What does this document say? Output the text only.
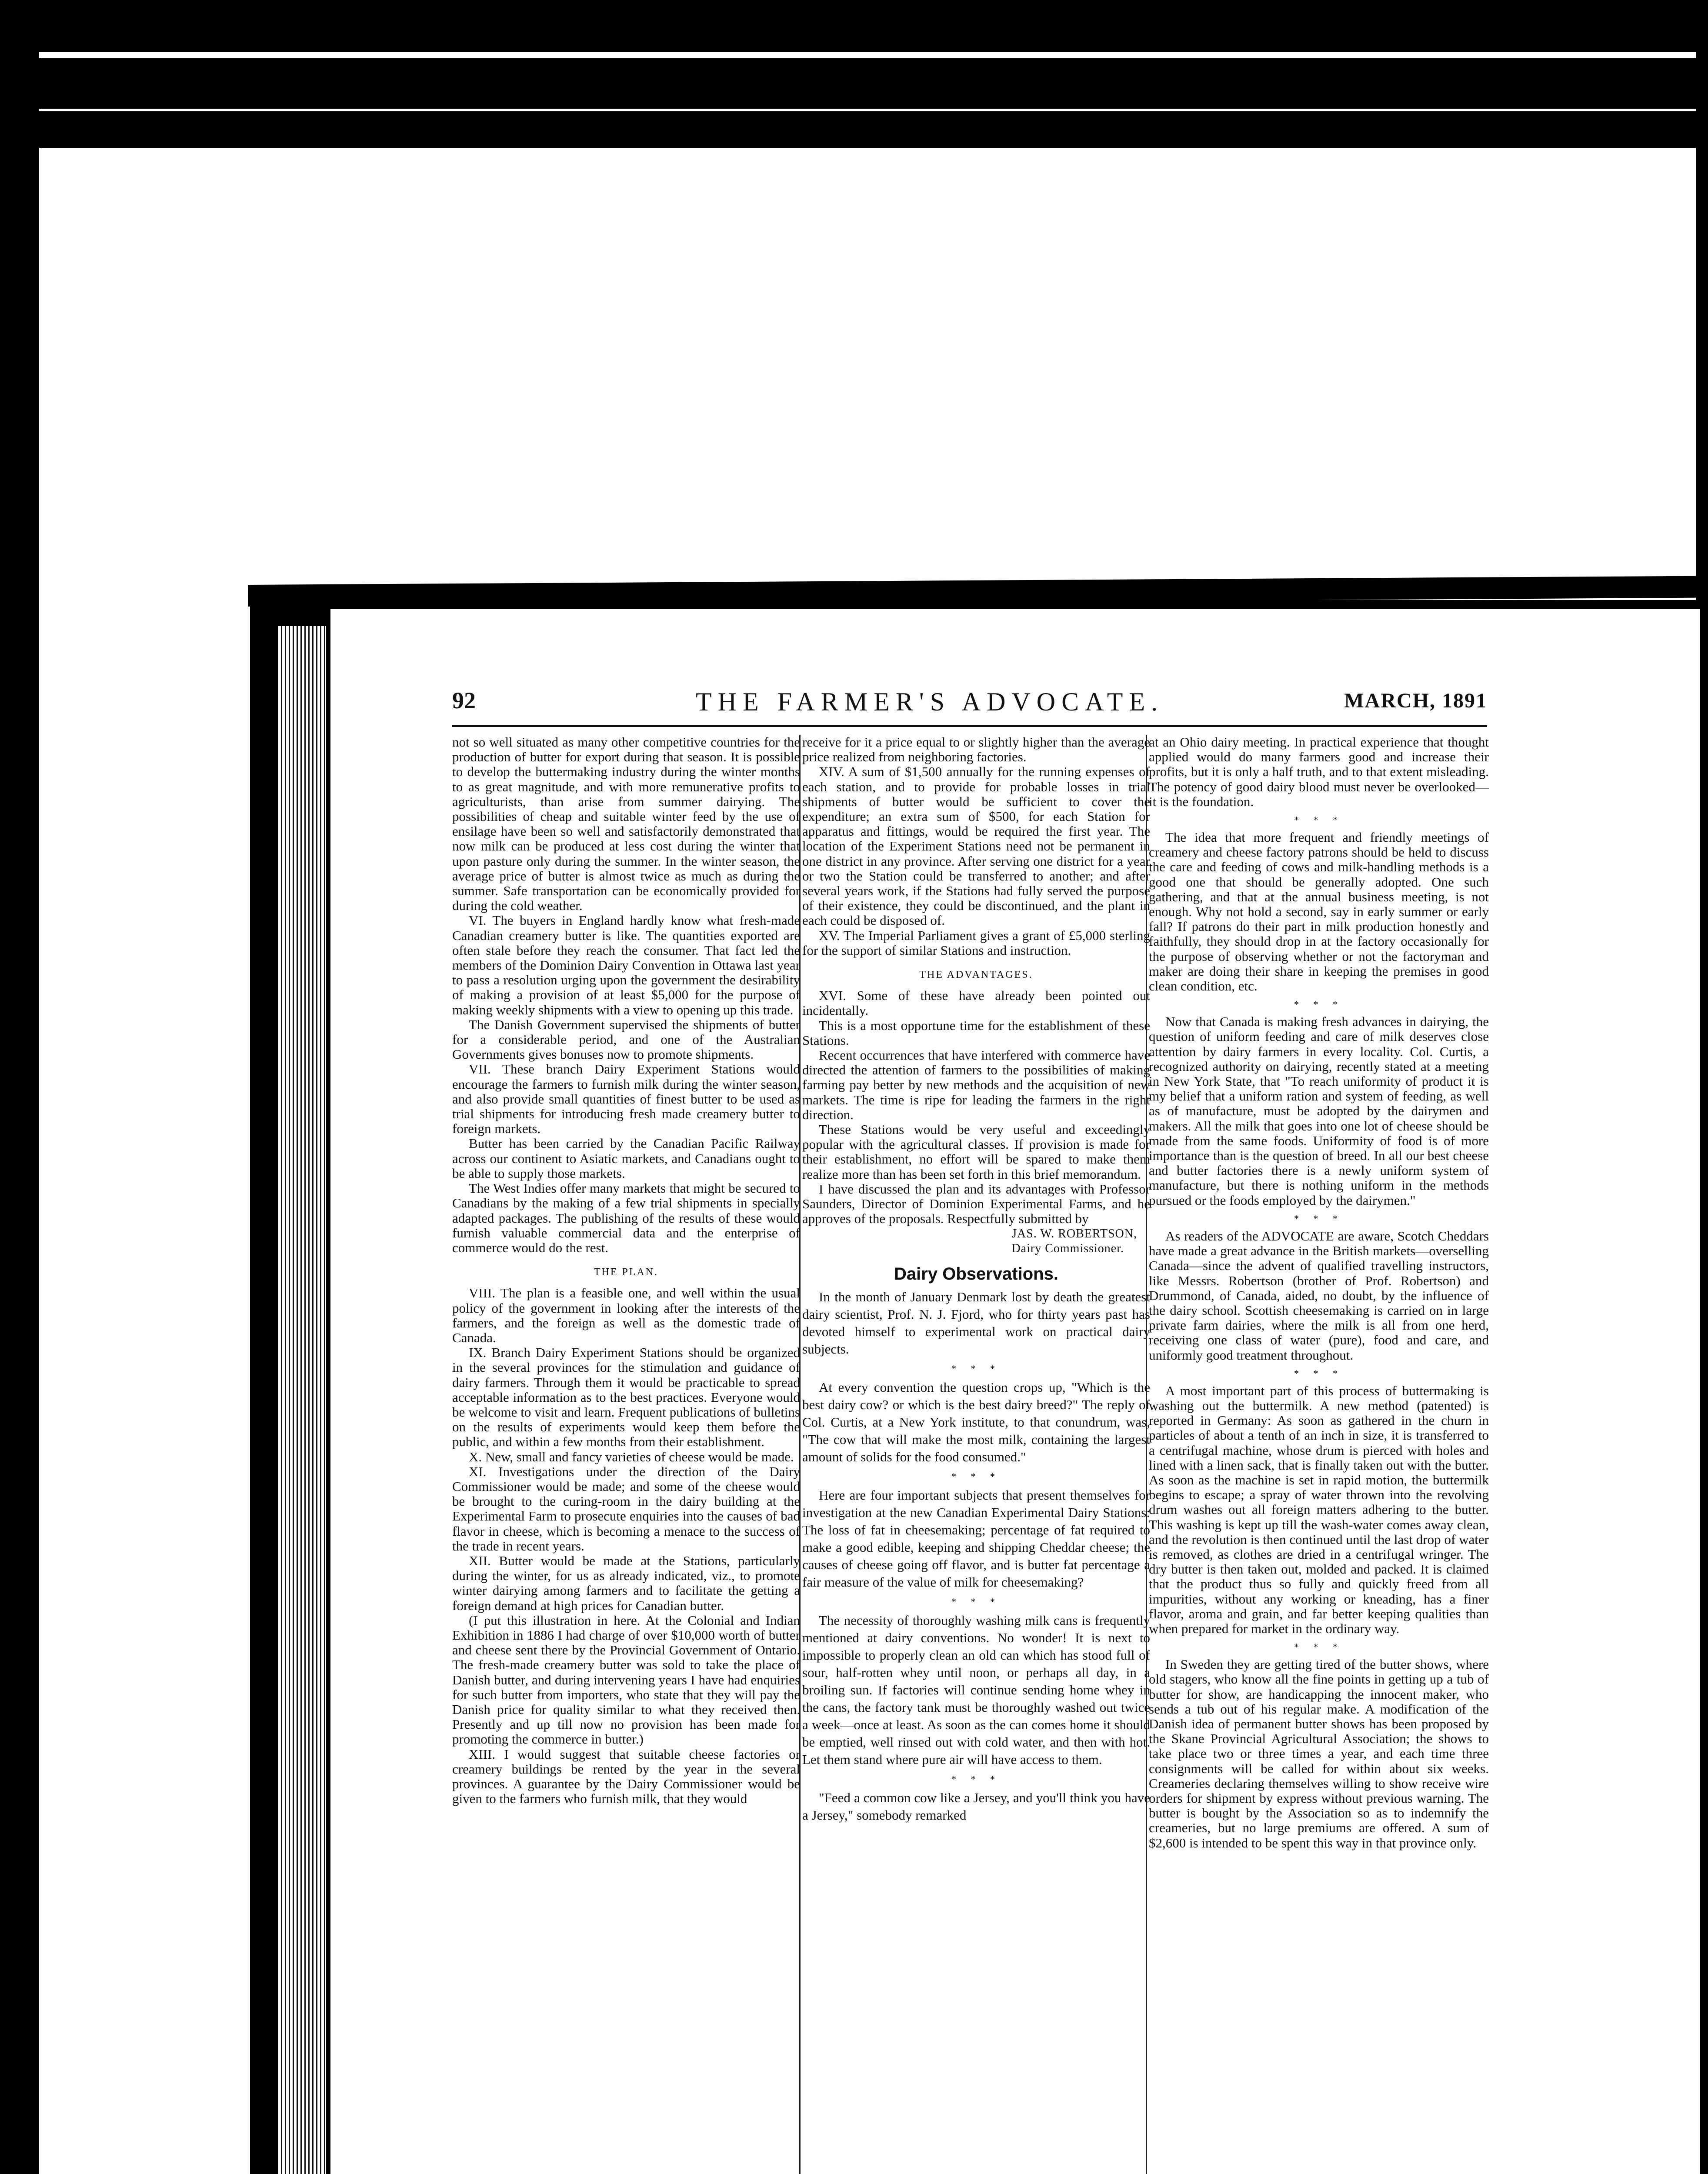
92	THE FARMER'S ADVOCATE.	MARCH, 1891

not so well situated as many other competitive countries for the production of butter for export during that season. It is possible to develop the buttermaking industry during the winter months to as great magnitude, and with more remunerative profits to agriculturists, than arise from summer dairying. The possibilities of cheap and suitable winter feed by the use of ensilage have been so well and satisfactorily demonstrated that now milk can be produced at less cost during the winter that upon pasture only during the summer. In the winter season, the average price of butter is almost twice as much as during the summer. Safe transportation can be economically provided for during the cold weather.

VI. The buyers in England hardly know what fresh-made Canadian creamery butter is like. The quantities exported are often stale before they reach the consumer. That fact led the members of the Dominion Dairy Convention in Ottawa last year to pass a resolution urging upon the government the desirability of making a provision of at least $5,000 for the purpose of making weekly shipments with a view to opening up this trade.

The Danish Government supervised the shipments of butter for a considerable period, and one of the Australian Governments gives bonuses now to promote shipments.

VII. These branch Dairy Experiment Stations would encourage the farmers to furnish milk during the winter season, and also provide small quantities of finest butter to be used as trial shipments for introducing fresh made creamery butter to foreign markets.

Butter has been carried by the Canadian Pacific Railway across our continent to Asiatic markets, and Canadians ought to be able to supply those markets.

The West Indies offer many markets that might be secured to Canadians by the making of a few trial shipments in specially adapted packages. The publishing of the results of these would furnish valuable commercial data and the enterprise of commerce would do the rest.

THE PLAN.

VIII. The plan is a feasible one, and well within the usual policy of the government in looking after the interests of the farmers, and the foreign as well as the domestic trade of Canada.

IX. Branch Dairy Experiment Stations should be organized in the several provinces for the stimulation and guidance of dairy farmers. Through them it would be practicable to spread acceptable information as to the best practices. Everyone would be welcome to visit and learn. Frequent publications of bulletins on the results of experiments would keep them before the public, and within a few months from their establishment.

X. New, small and fancy varieties of cheese would be made.

XI. Investigations under the direction of the Dairy Commissioner would be made; and some of the cheese would be brought to the curing-room in the dairy building at the Experimental Farm to prosecute enquiries into the causes of bad flavor in cheese, which is becoming a menace to the success of the trade in recent years.

XII. Butter would be made at the Stations, particularly during the winter, for us as already indicated, viz., to promote winter dairying among farmers and to facilitate the getting a foreign demand at high prices for Canadian butter.

(I put this illustration in here. At the Colonial and Indian Exhibition in 1886 I had charge of over $10,000 worth of butter and cheese sent there by the Provincial Government of Ontario. The fresh-made creamery butter was sold to take the place of Danish butter, and during intervening years I have had enquiries for such butter from importers, who state that they will pay the Danish price for quality similar to what they received then. Presently and up till now no provision has been made for promoting the commerce in butter.)

XIII. I would suggest that suitable cheese factories or creamery buildings be rented by the year in the several provinces. A guarantee by the Dairy Commissioner would be given to the farmers who furnish milk, that they would

receive for it a price equal to or slightly higher than the average price realized from neighboring factories.

XIV. A sum of $1,500 annually for the running expenses of each station, and to provide for probable losses in trial shipments of butter would be sufficient to cover the expenditure; an extra sum of $500, for each Station for apparatus and fittings, would be required the first year. The location of the Experiment Stations need not be permanent in one district in any province. After serving one district for a year or two the Station could be transferred to another; and after several years work, if the Stations had fully served the purpose of their existence, they could be discontinued, and the plant in each could be disposed of.

XV. The Imperial Parliament gives a grant of £5,000 sterling for the support of similar Stations and instruction.

THE ADVANTAGES.

XVI. Some of these have already been pointed out incidentally.

This is a most opportune time for the establishment of these Stations.

Recent occurrences that have interfered with commerce have directed the attention of farmers to the possibilities of making farming pay better by new methods and the acquisition of new markets. The time is ripe for leading the farmers in the right direction.

These Stations would be very useful and exceedingly popular with the agricultural classes. If provision is made for their establishment, no effort will be spared to make them realize more than has been set forth in this brief memorandum.

I have discussed the plan and its advantages with Professor Saunders, Director of Dominion Experimental Farms, and he approves of the proposals. Respectfully submitted by

JAS. W. ROBERTSON,
Dairy Commissioner.
Dairy Observations.

In the month of January Denmark lost by death the greatest dairy scientist, Prof. N. J. Fjord, who for thirty years past has devoted himself to experimental work on practical dairy subjects.

* * *

At every convention the question crops up, "Which is the best dairy cow? or which is the best dairy breed?" The reply of Col. Curtis, at a New York institute, to that conundrum, was, "The cow that will make the most milk, containing the largest amount of solids for the food consumed."

* * *

Here are four important subjects that present themselves for investigation at the new Canadian Experimental Dairy Stations: The loss of fat in cheesemaking; percentage of fat required to make a good edible, keeping and shipping Cheddar cheese; the causes of cheese going off flavor, and is butter fat percentage a fair measure of the value of milk for cheesemaking?

* * *

The necessity of thoroughly washing milk cans is frequently mentioned at dairy conventions. No wonder! It is next to impossible to properly clean an old can which has stood full of sour, half-rotten whey until noon, or perhaps all day, in a broiling sun. If factories will continue sending home whey in the cans, the factory tank must be thoroughly washed out twice a week—once at least. As soon as the can comes home it should be emptied, well rinsed out with cold water, and then with hot. Let them stand where pure air will have access to them.

* * *

"Feed a common cow like a Jersey, and you'll think you have a Jersey," somebody remarked

at an Ohio dairy meeting. In practical experience that thought applied would do many farmers good and increase their profits, but it is only a half truth, and to that extent misleading. The potency of good dairy blood must never be overlooked—it is the foundation.

* * *

The idea that more frequent and friendly meetings of creamery and cheese factory patrons should be held to discuss the care and feeding of cows and milk-handling methods is a good one that should be generally adopted. One such gathering, and that at the annual business meeting, is not enough. Why not hold a second, say in early summer or early fall? If patrons do their part in milk production honestly and faithfully, they should drop in at the factory occasionally for the purpose of observing whether or not the factoryman and maker are doing their share in keeping the premises in good clean condition, etc.

* * *

Now that Canada is making fresh advances in dairying, the question of uniform feeding and care of milk deserves close attention by dairy farmers in every locality. Col. Curtis, a recognized authority on dairying, recently stated at a meeting in New York State, that "To reach uniformity of product it is my belief that a uniform ration and system of feeding, as well as of manufacture, must be adopted by the dairymen and makers. All the milk that goes into one lot of cheese should be made from the same foods. Uniformity of food is of more importance than is the question of breed. In all our best cheese and butter factories there is a newly uniform system of manufacture, but there is nothing uniform in the methods pursued or the foods employed by the dairymen."

* * *

As readers of the ADVOCATE are aware, Scotch Cheddars have made a great advance in the British markets—overselling Canada—since the advent of qualified travelling instructors, like Messrs. Robertson (brother of Prof. Robertson) and Drummond, of Canada, aided, no doubt, by the influence of the dairy school. Scottish cheesemaking is carried on in large private farm dairies, where the milk is all from one herd, receiving one class of water (pure), food and care, and uniformly good treatment throughout.

* * *

A most important part of this process of buttermaking is washing out the buttermilk. A new method (patented) is reported in Germany: As soon as gathered in the churn in particles of about a tenth of an inch in size, it is transferred to a centrifugal machine, whose drum is pierced with holes and lined with a linen sack, that is finally taken out with the butter. As soon as the machine is set in rapid motion, the buttermilk begins to escape; a spray of water thrown into the revolving drum washes out all foreign matters adhering to the butter. This washing is kept up till the wash-water comes away clean, and the revolution is then continued until the last drop of water is removed, as clothes are dried in a centrifugal wringer. The dry butter is then taken out, molded and packed. It is claimed that the product thus so fully and quickly freed from all impurities, without any working or kneading, has a finer flavor, aroma and grain, and far better keeping qualities than when prepared for market in the ordinary way.

* * *

In Sweden they are getting tired of the butter shows, where old stagers, who know all the fine points in getting up a tub of butter for show, are handicapping the innocent maker, who sends a tub out of his regular make. A modification of the Danish idea of permanent butter shows has been proposed by the Skane Provincial Agricultural Association; the shows to take place two or three times a year, and each time three consignments will be called for within about six weeks. Creameries declaring themselves willing to show receive wire orders for shipment by express without previous warning. The butter is bought by the Association so as to indemnify the creameries, but no large premiums are offered. A sum of $2,600 is intended to be spent this way in that province only.
